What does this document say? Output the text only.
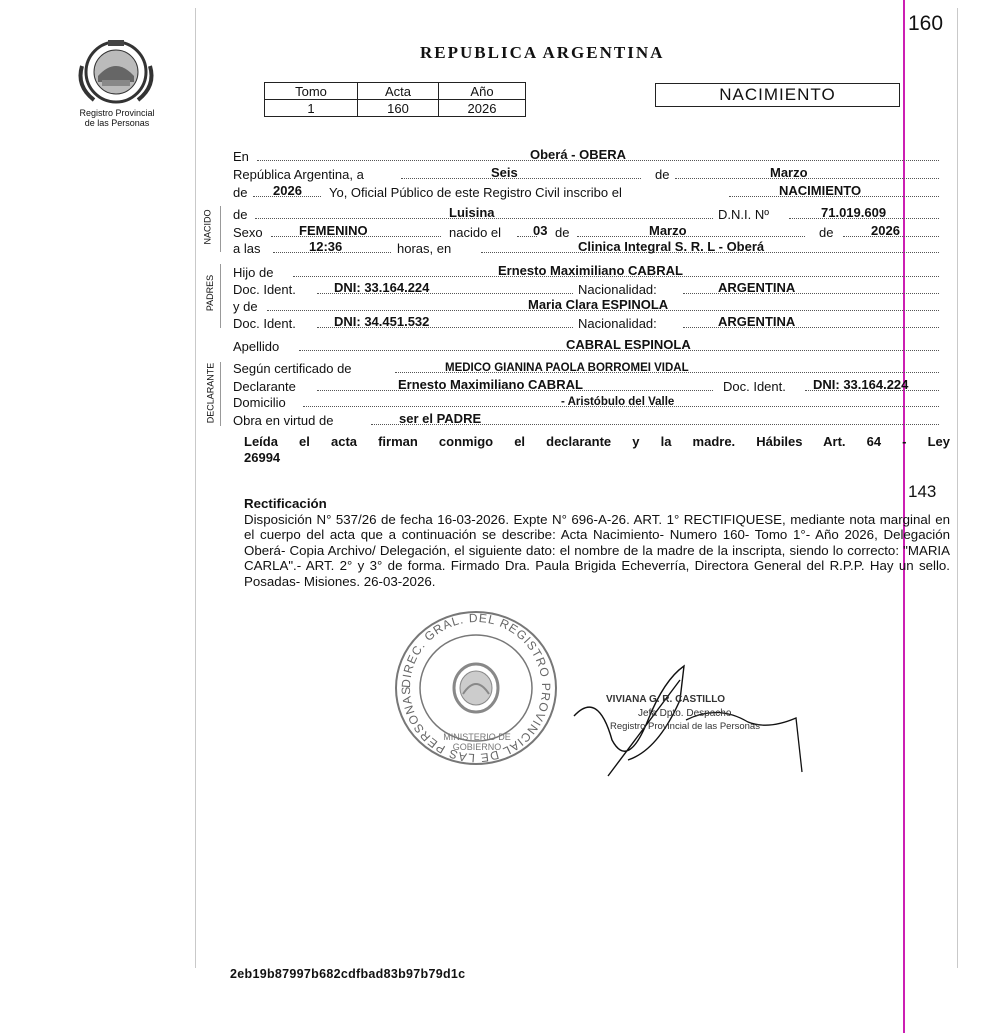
160
143
Registro Provincial
de las Personas
REPUBLICA ARGENTINA
Tomo	Acta	Año
1	160	2026
NACIMIENTO
En	Oberá - OBERA
República Argentina, a	Seis	de	Marzo
de 2026 Yo, Oficial Público de este Registro Civil inscribo el	NACIMIENTO
NACIDO de	Luisina	D.N.I. Nº	71.019.609
Sexo	FEMENINO	nacido el 03 de	Marzo	de	2026
a las	12:36	horas, en	Clinica Integral S. R. L - Oberá
PADRES
Hijo de	Ernesto Maximiliano CABRAL
Doc. Ident.	DNI: 33.164.224	Nacionalidad:	ARGENTINA
y de	Maria Clara ESPINOLA
Doc. Ident.	DNI: 34.451.532	Nacionalidad:	ARGENTINA
Apellido	CABRAL ESPINOLA
DECLARANTE Según certificado de	MEDICO GIANINA PAOLA BORROMEI VIDAL
Declarante	Ernesto Maximiliano CABRAL	Doc. Ident. DNI: 33.164.224
Domicilio	- Aristóbulo del Valle
Obra en virtud de	ser el PADRE
Leída el acta firman conmigo el declarante y la madre. Hábiles Art. 64 - Ley
26994
Rectificación
Disposición N° 537/26 de fecha 16-03-2026. Expte N° 696-A-26. ART. 1° RECTIFIQUESE, mediante nota marginal en el cuerpo del acta que a continuación se describe: Acta Nacimiento- Numero 160- Tomo 1°- Año 2026, Delegación Oberá- Copia Archivo/ Delegación, el siguiente dato: el nombre de la madre de la inscripta, siendo lo correcto: "MARIA CARLA".- ART. 2° y 3° de forma. Firmado Dra. Paula Brigida Echeverría, Directora General del R.P.P. Hay un sello. Posadas- Misiones. 26-03-2026.
DIREC. GRAL. DEL REGISTRO PROVINCIAL DE LAS PERSONAS
MINISTERIO DE GOBIERNO
VIVIANA G. R. CASTILLO
Jefa Dpto. Despacho
Registro Provincial de las Personas
2eb19b87997b682cdfbad83b97b79d1c
